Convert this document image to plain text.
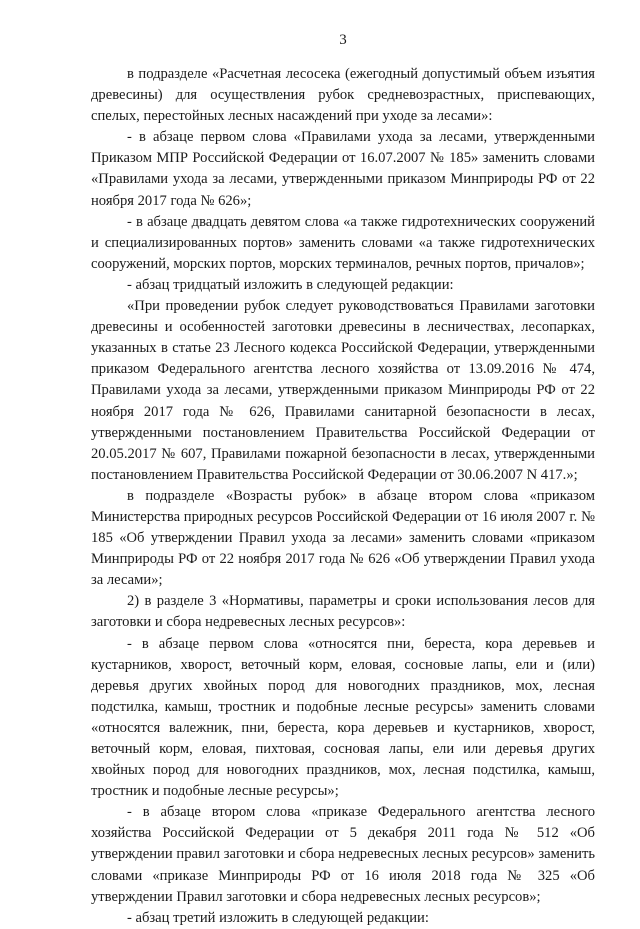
3

в подразделе «Расчетная лесосека (ежегодный допустимый объем изъятия древесины) для осуществления рубок средневозрастных, приспевающих, спелых, перестойных лесных насаждений при уходе за лесами»:

- в абзаце первом слова «Правилами ухода за лесами, утвержденными Приказом МПР Российской Федерации от 16.07.2007 № 185» заменить словами «Правилами ухода за лесами, утвержденными приказом Минприроды РФ от 22 ноября 2017 года № 626»;

- в абзаце двадцать девятом слова «а также гидротехнических сооружений и специализированных портов» заменить словами «а также гидротехнических сооружений, морских портов, морских терминалов, речных портов, причалов»;

- абзац тридцатый изложить в следующей редакции:

«При проведении рубок следует руководствоваться Правилами заготовки древесины и особенностей заготовки древесины в лесничествах, лесопарках, указанных в статье 23 Лесного кодекса Российской Федерации, утвержденными приказом Федерального агентства лесного хозяйства от 13.09.2016 № 474, Правилами ухода за лесами, утвержденными приказом Минприроды РФ от 22 ноября 2017 года № 626, Правилами санитарной безопасности в лесах, утвержденными постановлением Правительства Российской Федерации от 20.05.2017 № 607, Правилами пожарной безопасности в лесах, утвержденными постановлением Правительства Российской Федерации от 30.06.2007 N 417.»;

в подразделе «Возрасты рубок» в абзаце втором слова «приказом Министерства природных ресурсов Российской Федерации от 16 июля 2007 г. № 185 «Об утверждении Правил ухода за лесами» заменить словами «приказом Минприроды РФ от 22 ноября 2017 года № 626 «Об утверждении Правил ухода за лесами»;

2) в разделе 3 «Нормативы, параметры и сроки использования лесов для заготовки и сбора недревесных лесных ресурсов»:

- в абзаце первом слова «относятся пни, береста, кора деревьев и кустарников, хворост, веточный корм, еловая, сосновые лапы, ели и (или) деревья других хвойных пород для новогодних праздников, мох, лесная подстилка, камыш, тростник и подобные лесные ресурсы» заменить словами «относятся валежник, пни, береста, кора деревьев и кустарников, хворост, веточный корм, еловая, пихтовая, сосновая лапы, ели или деревья других хвойных пород для новогодних праздников, мох, лесная подстилка, камыш, тростник и подобные лесные ресурсы»;

- в абзаце втором слова «приказе Федерального агентства лесного хозяйства Российской Федерации от 5 декабря 2011 года № 512 «Об утверждении правил заготовки и сбора недревесных лесных ресурсов» заменить словами «приказе Минприроды РФ от 16 июля 2018 года № 325 «Об утверждении Правил заготовки и сбора недревесных лесных ресурсов»;

- абзац третий изложить в следующей редакции:
